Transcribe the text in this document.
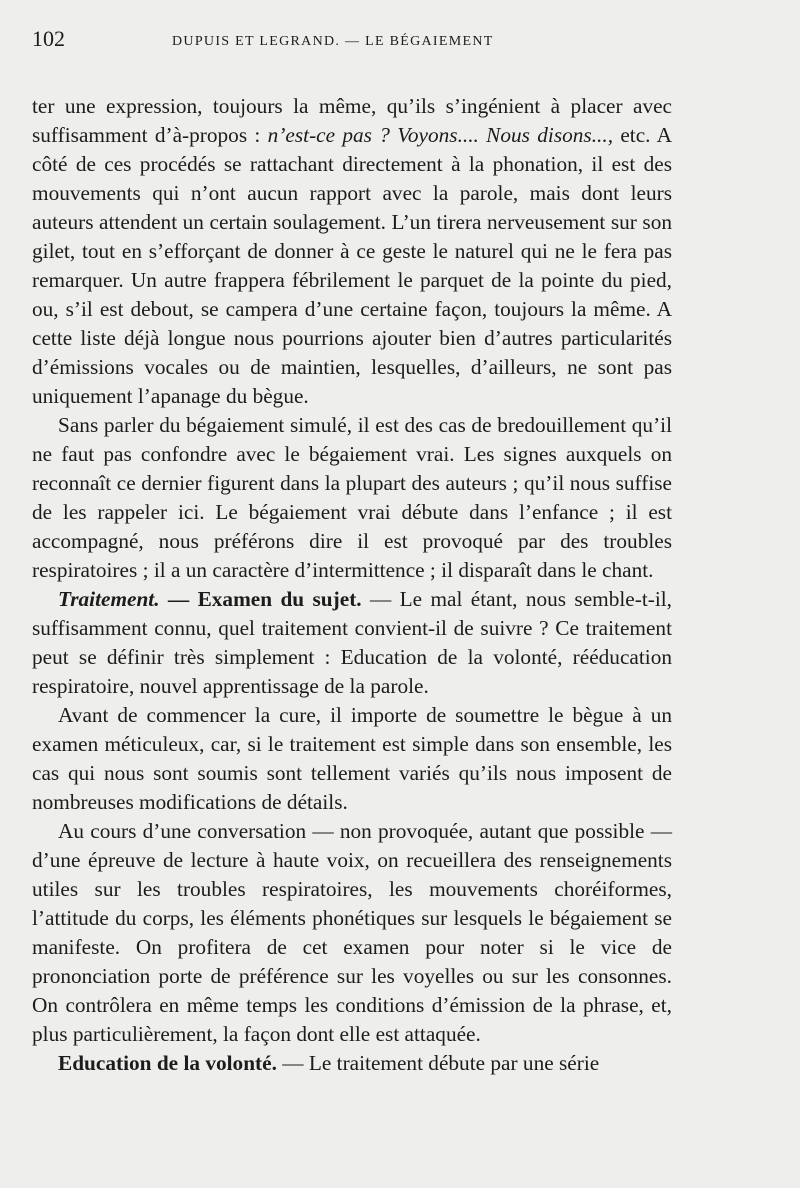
102	DUPUIS ET LEGRAND. — LE BÉGAIEMENT

ter une expression, toujours la même, qu’ils s’ingénient à placer avec suffisamment d’à-propos : n’est-ce pas ? Voyons.... Nous disons..., etc. A côté de ces procédés se rattachant directement à la phonation, il est des mouvements qui n’ont aucun rapport avec la parole, mais dont leurs auteurs attendent un certain soulagement. L’un tirera nerveusement sur son gilet, tout en s’efforçant de donner à ce geste le naturel qui ne le fera pas remarquer. Un autre frappera fébrilement le parquet de la pointe du pied, ou, s’il est debout, se campera d’une certaine façon, toujours la même. A cette liste déjà longue nous pourrions ajouter bien d’autres particularités d’émissions vocales ou de maintien, lesquelles, d’ailleurs, ne sont pas uniquement l’apanage du bègue.

Sans parler du bégaiement simulé, il est des cas de bredouillement qu’il ne faut pas confondre avec le bégaiement vrai. Les signes auxquels on reconnaît ce dernier figurent dans la plupart des auteurs ; qu’il nous suffise de les rappeler ici. Le bégaiement vrai débute dans l’enfance ; il est accompagné, nous préférons dire il est provoqué par des troubles respiratoires ; il a un caractère d’intermittence ; il disparaît dans le chant.

Traitement. — Examen du sujet. — Le mal étant, nous semble-t-il, suffisamment connu, quel traitement convient-il de suivre ? Ce traitement peut se définir très simplement : Education de la volonté, rééducation respiratoire, nouvel apprentissage de la parole.

Avant de commencer la cure, il importe de soumettre le bègue à un examen méticuleux, car, si le traitement est simple dans son ensemble, les cas qui nous sont soumis sont tellement variés qu’ils nous imposent de nombreuses modifications de détails.

Au cours d’une conversation — non provoquée, autant que possible — d’une épreuve de lecture à haute voix, on recueillera des renseignements utiles sur les troubles respiratoires, les mouvements choréiformes, l’attitude du corps, les éléments phonétiques sur lesquels le bégaiement se manifeste. On profitera de cet examen pour noter si le vice de prononciation porte de préférence sur les voyelles ou sur les consonnes. On contrôlera en même temps les conditions d’émission de la phrase, et, plus particulièrement, la façon dont elle est attaquée.

Education de la volonté. — Le traitement débute par une série
